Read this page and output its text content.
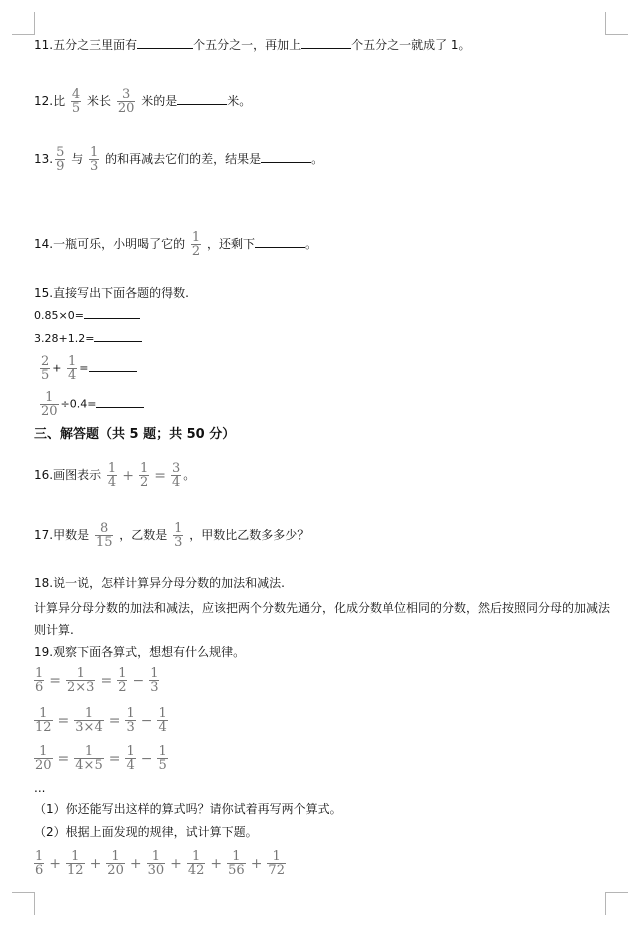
11.五分之三里面有	个五分之一，再加上	个五分之一就成了 1。
12.比 $\frac{4}{5}$ 米长 $\frac{3}{20}$ 米的是	米。
13. $\frac{5}{9}$ 与 $\frac{1}{3}$ 的和再减去它们的差，结果是	。
14.一瓶可乐，小明喝了它的 $\frac{1}{2}$ ，还剩下	。
15.直接写出下面各题的得数.
0.85×0=
3.28+1.2=
$\frac{2}{5} + \frac{1}{4}$ =
$\frac{1}{20} \div 0.4=$
三、解答题（共 5 题；共 50 分）
16.画图表示 $\frac{1}{4} + \frac{1}{2} = \frac{3}{4}$ 。
17.甲数是 $\frac{8}{15}$ ，乙数是 $\frac{1}{3}$ ，甲数比乙数多多少？
18.说一说，怎样计算异分母分数的加法和减法.
计算异分母分数的加法和减法，应该把两个分数先通分，化成分数单位相同的分数，然后按照同分母的加减法则计算.
19.观察下面各算式，想想有什么规律。
$\frac{1}{6} = \frac{1}{2\times 3} = \frac{1}{2} - \frac{1}{3}$
$\frac{1}{12} = \frac{1}{3\times 4} = \frac{1}{3} - \frac{1}{4}$
$\frac{1}{20} = \frac{1}{4\times 5} = \frac{1}{4} - \frac{1}{5}$
...
（1）你还能写出这样的算式吗？请你试着再写两个算式。
（2）根据上面发现的规律，试计算下题。
$\frac{1}{6} + \frac{1}{12} + \frac{1}{20} + \frac{1}{30} + \frac{1}{42} + \frac{1}{56} + \frac{1}{72}$
